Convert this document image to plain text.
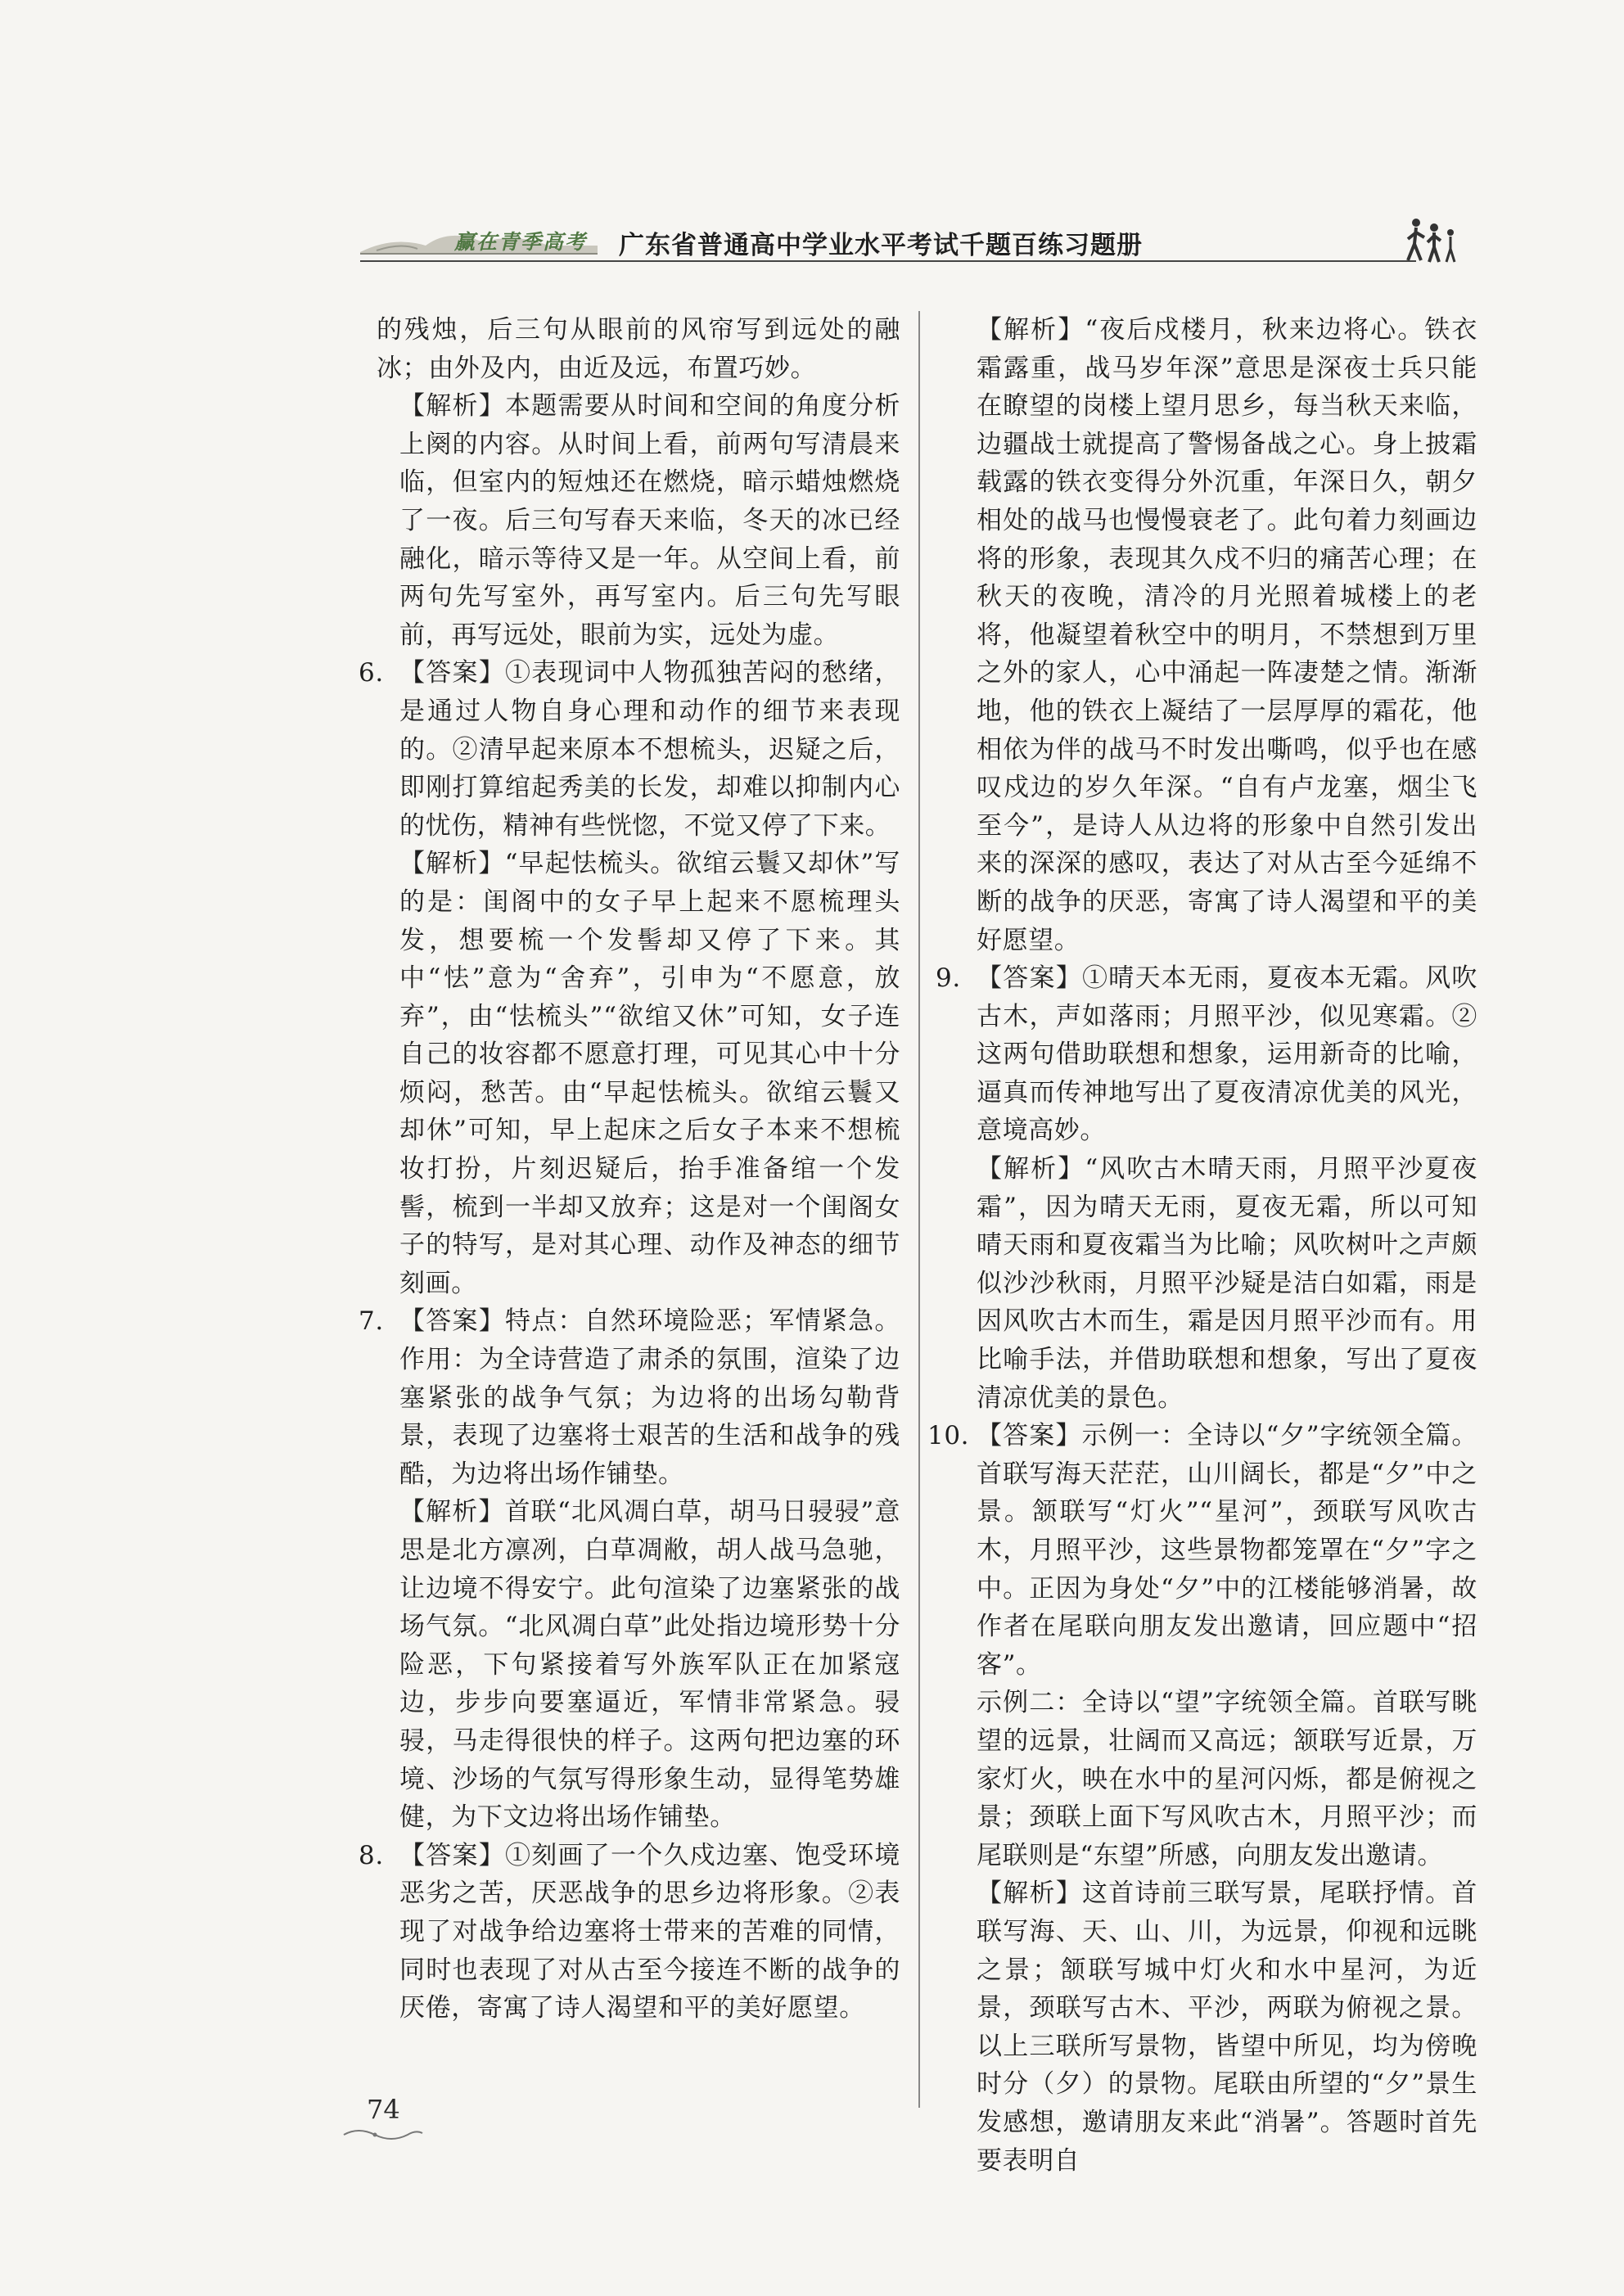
赢在青季高考 广东省普通高中学业水平考试千题百练习题册

的残烛，后三句从眼前的风帘写到远处的融冰；由外及内，由近及远，布置巧妙。

【解析】本题需要从时间和空间的角度分析上阕的内容。从时间上看，前两句写清晨来临，但室内的短烛还在燃烧，暗示蜡烛燃烧了一夜。后三句写春天来临，冬天的冰已经融化，暗示等待又是一年。从空间上看，前两句先写室外，再写室内。后三句先写眼前，再写远处，眼前为实，远处为虚。

6. 【答案】①表现词中人物孤独苦闷的愁绪，是通过人物自身心理和动作的细节来表现的。②清早起来原本不想梳头，迟疑之后，即刚打算绾起秀美的长发，却难以抑制内心的忧伤，精神有些恍惚，不觉又停了下来。

【解析】“早起怯梳头。欲绾云鬟又却休”写的是：闺阁中的女子早上起来不愿梳理头发，想要梳一个发髻却又停了下来。其中“怯”意为“舍弃”，引申为“不愿意，放弃”，由“怯梳头”“欲绾又休”可知，女子连自己的妆容都不愿意打理，可见其心中十分烦闷，愁苦。由“早起怯梳头。欲绾云鬟又却休”可知，早上起床之后女子本来不想梳妆打扮，片刻迟疑后，抬手准备绾一个发髻，梳到一半却又放弃；这是对一个闺阁女子的特写，是对其心理、动作及神态的细节刻画。

7. 【答案】特点：自然环境险恶；军情紧急。作用：为全诗营造了肃杀的氛围，渲染了边塞紧张的战争气氛；为边将的出场勾勒背景，表现了边塞将士艰苦的生活和战争的残酷，为边将出场作铺垫。

【解析】首联“北风凋白草，胡马日骎骎”意思是北方凛冽，白草凋敝，胡人战马急驰，让边境不得安宁。此句渲染了边塞紧张的战场气氛。“北风凋白草”此处指边境形势十分险恶，下句紧接着写外族军队正在加紧寇边，步步向要塞逼近，军情非常紧急。骎骎，马走得很快的样子。这两句把边塞的环境、沙场的气氛写得形象生动，显得笔势雄健，为下文边将出场作铺垫。

8. 【答案】①刻画了一个久戍边塞、饱受环境恶劣之苦，厌恶战争的思乡边将形象。②表现了对战争给边塞将士带来的苦难的同情，同时也表现了对从古至今接连不断的战争的厌倦，寄寓了诗人渴望和平的美好愿望。

【解析】“夜后戍楼月，秋来边将心。铁衣霜露重，战马岁年深”意思是深夜士兵只能在瞭望的岗楼上望月思乡，每当秋天来临，边疆战士就提高了警惕备战之心。身上披霜载露的铁衣变得分外沉重，年深日久，朝夕相处的战马也慢慢衰老了。此句着力刻画边将的形象，表现其久戍不归的痛苦心理；在秋天的夜晚，清冷的月光照着城楼上的老将，他凝望着秋空中的明月，不禁想到万里之外的家人，心中涌起一阵凄楚之情。渐渐地，他的铁衣上凝结了一层厚厚的霜花，他相依为伴的战马不时发出嘶鸣，似乎也在感叹戍边的岁久年深。“自有卢龙塞，烟尘飞至今”，是诗人从边将的形象中自然引发出来的深深的感叹，表达了对从古至今延绵不断的战争的厌恶，寄寓了诗人渴望和平的美好愿望。

9. 【答案】①晴天本无雨，夏夜本无霜。风吹古木，声如落雨；月照平沙，似见寒霜。②这两句借助联想和想象，运用新奇的比喻，逼真而传神地写出了夏夜清凉优美的风光，意境高妙。

【解析】“风吹古木晴天雨，月照平沙夏夜霜”，因为晴天无雨，夏夜无霜，所以可知晴天雨和夏夜霜当为比喻；风吹树叶之声颇似沙沙秋雨，月照平沙疑是洁白如霜，雨是因风吹古木而生，霜是因月照平沙而有。用比喻手法，并借助联想和想象，写出了夏夜清凉优美的景色。

10. 【答案】示例一：全诗以“夕”字统领全篇。首联写海天茫茫，山川阔长，都是“夕”中之景。颔联写“灯火”“星河”，颈联写风吹古木，月照平沙，这些景物都笼罩在“夕”字之中。正因为身处“夕”中的江楼能够消暑，故作者在尾联向朋友发出邀请，回应题中“招客”。

示例二：全诗以“望”字统领全篇。首联写眺望的远景，壮阔而又高远；颔联写近景，万家灯火，映在水中的星河闪烁，都是俯视之景；颈联上面下写风吹古木，月照平沙；而尾联则是“东望”所感，向朋友发出邀请。

【解析】这首诗前三联写景，尾联抒情。首联写海、天、山、川，为远景，仰视和远眺之景；颔联写城中灯火和水中星河，为近景，颈联写古木、平沙，两联为俯视之景。以上三联所写景物，皆望中所见，均为傍晚时分（夕）的景物。尾联由所望的“夕”景生发感想，邀请朋友来此“消暑”。答题时首先要表明自

74
